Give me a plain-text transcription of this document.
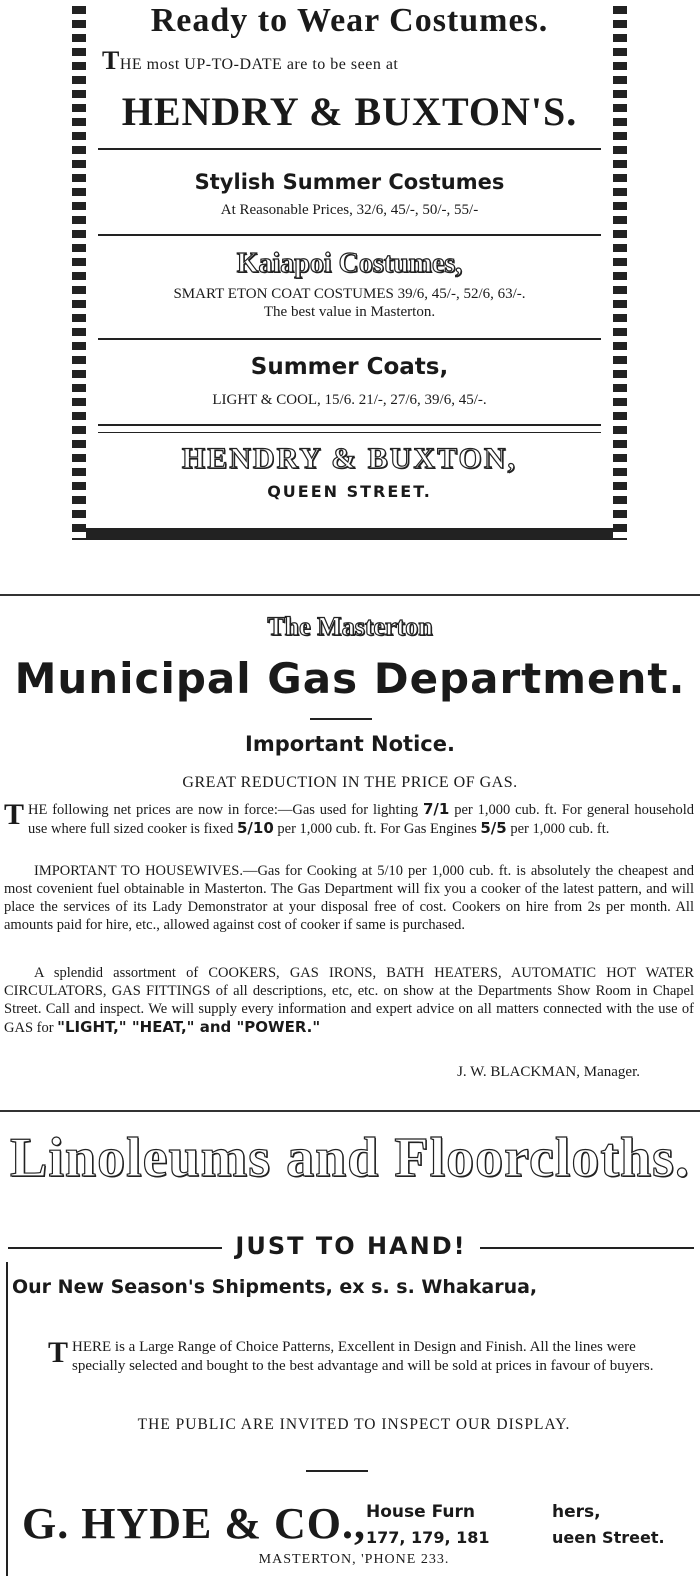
Ready to Wear Costumes.
THE most UP-TO-DATE are to be seen at
HENDRY & BUXTON'S.
Stylish Summer Costumes
At Reasonable Prices, 32/6, 45/-, 50/-, 55/-
Kaiapoi Costumes,
SMART ETON COAT COSTUMES 39/6, 45/-, 52/6, 63/-.
The best value in Masterton.
Summer Coats,
LIGHT & COOL, 15/6. 21/-, 27/6, 39/6, 45/-.
HENDRY & BUXTON,
QUEEN STREET.
The Masterton
Municipal Gas Department.
Important Notice.
GREAT REDUCTION IN THE PRICE OF GAS.
THE following net prices are now in force:—Gas used for lighting 7/1 per 1,000 cub. ft. For general household use where full sized cooker is fixed 5/10 per 1,000 cub. ft. For Gas Engines 5/5 per 1,000 cub. ft.
IMPORTANT TO HOUSEWIVES.—Gas for Cooking at 5/10 per 1,000 cub. ft. is absolutely the cheapest and most covenient fuel obtainable in Masterton. The Gas Department will fix you a cooker of the latest pattern, and will place the services of its Lady Demonstrator at your disposal free of cost. Cookers on hire from 2s per month. All amounts paid for hire, etc., allowed against cost of cooker if same is purchased.
A splendid assortment of COOKERS, GAS IRONS, BATH HEATERS, AUTOMATIC HOT WATER CIRCULATORS, GAS FITTINGS of all descriptions, etc, etc. on show at the Departments Show Room in Chapel Street. Call and inspect. We will supply every information and expert advice on all matters connected with the use of GAS for "LIGHT," "HEAT," and "POWER."
J. W. BLACKMAN, Manager.
Linoleums and Floorcloths.
JUST TO HAND!
Our New Season's Shipments, ex s. s. Whakarua,
THERE is a Large Range of Choice Patterns, Excellent in Design and Finish. All the lines were specially selected and bought to the best advantage and will be sold at prices in favour of buyers.
THE PUBLIC ARE INVITED TO INSPECT OUR DISPLAY.
G. HYDE & CO., House Furn	hers,
177, 179, 181	ueen Street.
MASTERTON, 'PHONE 233.
